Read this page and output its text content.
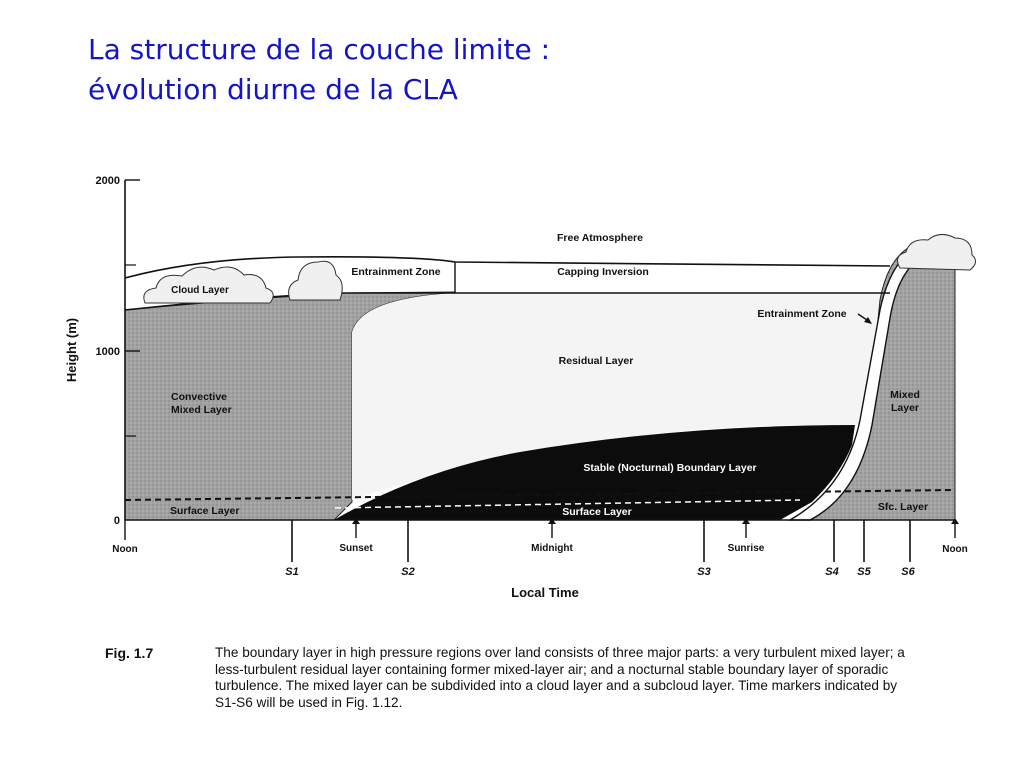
La structure de la couche limite :
évolution diurne de la CLA
2000
1000
0
Height (m)
Noon	Sunset	Midnight	Sunrise	Noon
S1	S2	S3	S4 S5	S6
Local Time
Free Atmosphere
Entrainment Zone	Capping Inversion
Cloud Layer
Entrainment Zone
Residual Layer
Convective
Mixed Layer
Mixed
Layer
Stable (Nocturnal) Boundary Layer
Surface Layer	Surface Layer	Sfc. Layer
Fig. 1.7	The boundary layer in high pressure regions over land consists of three major parts: a very turbulent mixed layer; a less-turbulent residual layer containing former mixed-layer air; and a nocturnal stable boundary layer of sporadic turbulence. The mixed layer can be subdivided into a cloud layer and a subcloud layer. Time markers indicated by S1-S6 will be used in Fig. 1.12.
